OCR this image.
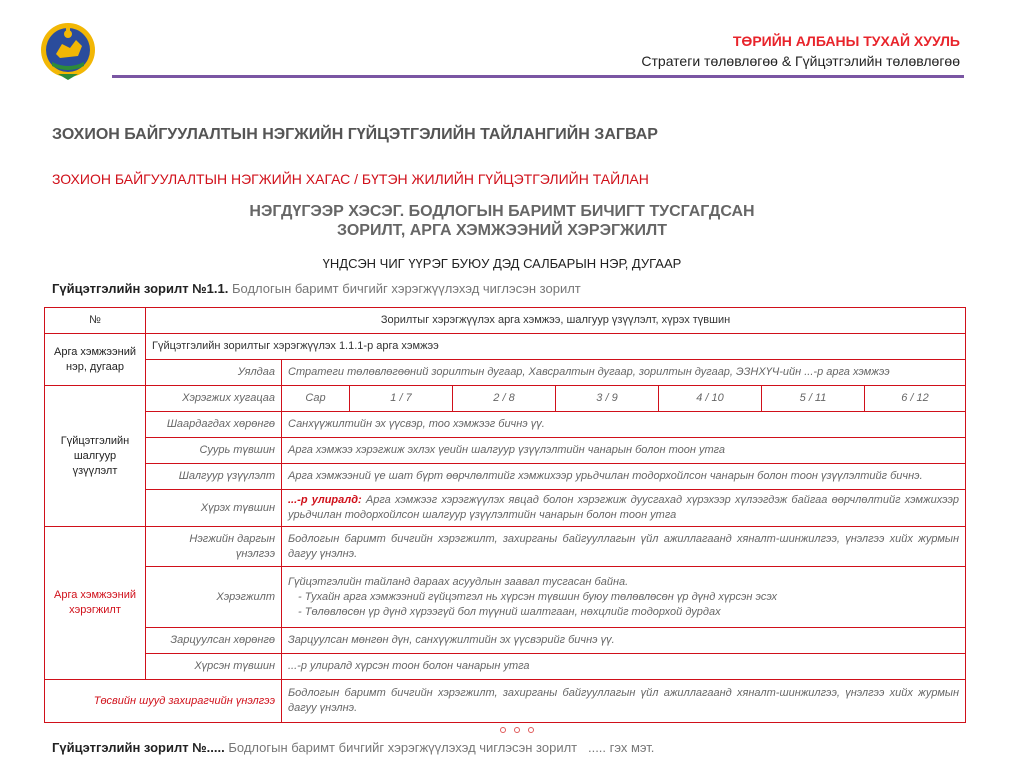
ТӨРИЙН АЛБАНЫ ТУХАЙ ХУУЛЬ
Стратеги төлөвлөгөө & Гүйцэтгэлийн төлөвлөгөө
ЗОХИОН БАЙГУУЛАЛТЫН НЭГЖИЙН ГҮЙЦЭТГЭЛИЙН ТАЙЛАНГИЙН ЗАГВАР
ЗОХИОН БАЙГУУЛАЛТЫН НЭГЖИЙН ХАГАС / БҮТЭН ЖИЛИЙН ГҮЙЦЭТГЭЛИЙН ТАЙЛАН
НЭГДҮГЭЭР ХЭСЭГ. БОДЛОГЫН БАРИМТ БИЧИГТ ТУСГАГДСАН
ЗОРИЛТ, АРГА ХЭМЖЭЭНИЙ ХЭРЭГЖИЛТ
ҮНДСЭН ЧИГ ҮҮРЭГ БУЮУ ДЭД САЛБАРЫН НЭР, ДУГААР
Гүйцэтгэлийн зорилт №1.1. Бодлогын баримт бичгийг хэрэгжүүлэхэд чиглэсэн зорилт
№	Зорилтыг хэрэгжүүлэх арга хэмжээ, шалгуур үзүүлэлт, хүрэх түвшин							
Арга хэмжээний нэр, дугаар	Гүйцэтгэлийн зорилтыг хэрэгжүүлэх 1.1.1-р арга хэмжээ							
	Уялдаа	Стратеги төлөвлөгөөний зорилтын дугаар, Хавсралтын дугаар, зорилтын дугаар, ЭЗНХҮЧ-ийн ...-р арга хэмжээ						
Гүйцэтгэлийн шалгуур үзүүлэлт	Хэрэгжих хугацаа	Сар	1 / 7	2 / 8	3 / 9	4 / 10	5 / 11	6 / 12
	Шаардагдах хөрөнгө	Санхүүжилтийн эх үүсвэр, тоо хэмжээг бичнэ үү.						
	Суурь түвшин	Арга хэмжээ хэрэгжиж эхлэх үеийн шалгуур үзүүлэлтийн чанарын болон тоон утга						
	Шалгуур үзүүлэлт	Арга хэмжээний үе шат бүрт өөрчлөлтийг хэмжихээр урьдчилан тодорхойлсон чанарын болон тоон үзүүлэлтийг бичнэ.						
	Хүрэх түвшин	...-р улиралд: Арга хэмжээг хэрэгжүүлэх явцад болон хэрэгжиж дуусгахад хүрэхээр хүлээгдэж байгаа өөрчлөлтийг хэмжихээр урьдчилан тодорхойлсон шалгуур үзүүлэлтийн чанарын болон тоон утга						
Арга хэмжээний хэрэгжилт	Нэгжийн даргын үнэлгээ	Бодлогын баримт бичгийн хэрэгжилт, захирганы байгууллагын үйл ажиллагаанд хяналт-шинжилгээ, үнэлгээ хийх журмын дагуу үнэлнэ.						
	Хэрэгжилт	Гүйцэтгэлийн тайланд дараах асуудлын заавал тусгасан байна.
- Тухайн арга хэмжээний гүйцэтгэл нь хүрсэн түвшин буюу төлөвлөсөн үр дүнд хүрсэн эсэх
- Төлөвлөсөн үр дүнд хүрээгүй бол түүний шалтгаан, нөхцлийг тодорхой дурдах						

	Зарцуулсан хөрөнгө	Зарцуулсан мөнгөн дүн, санхүүжилтийн эх үүсвэрийг бичнэ үү.						
	Хүрсэн түвшин	...-р улиралд хүрсэн тоон болон чанарын утга						
Төсвийн шууд захирагчийн үнэлгээ		Бодлогын баримт бичгийн хэрэгжилт, захирганы байгууллагын үйл ажиллагаанд хяналт-шинжилгээ, үнэлгээ хийх журмын дагуу үнэлнэ.						
Гүйцэтгэлийн зорилт №..... Бодлогын баримт бичгийг хэрэгжүүлэхэд чиглэсэн зорилт ..... гэх мэт.
